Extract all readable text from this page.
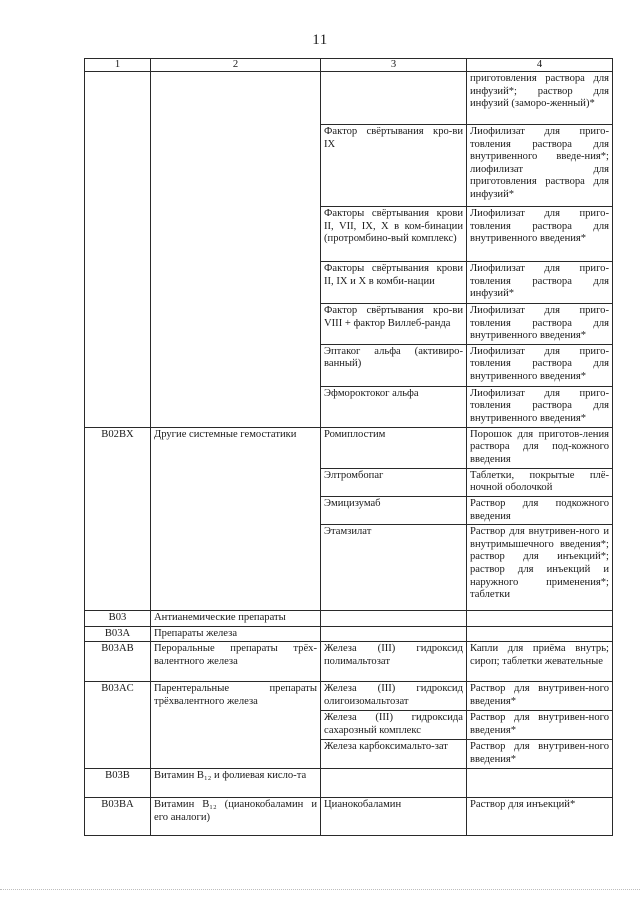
11
1	2	3	4
			приготовления раствора для инфузий*; раствор для инфузий (заморо-женный)*
		Фактор свёртывания кро-ви IX	Лиофилизат для приго-товления раствора для внутривенного введе-ния*; лиофилизат для приготовления раствора для инфузий*
		Факторы свёртывания крови II, VII, IX, X в ком-бинации (протромбино-вый комплекс)	Лиофилизат для приго-товления раствора для внутривенного введения*
		Факторы свёртывания крови II, IX и X в комби-нации	Лиофилизат для приго-товления раствора для инфузий*
		Фактор свёртывания кро-ви VIII + фактор Виллеб-ранда	Лиофилизат для приго-товления раствора для внутривенного введения*
		Эптаког альфа (активиро-ванный)	Лиофилизат для приго-товления раствора для внутривенного введения*
		Эфмороктоког альфа	Лиофилизат для приго-товления раствора для внутривенного введения*
B02BX	Другие системные гемостатики	Ромиплостим	Порошок для приготов-ления раствора для под-кожного введения
		Элтромбопаг	Таблетки, покрытые плё-ночной оболочкой
		Эмицизумаб	Раствор для подкожного введения
		Этамзилат	Раствор для внутривен-ного и внутримышечного введения*; раствор для инъекций*; раствор для инъекций и наружного применения*; таблетки
B03	Антианемические препараты		
B03A	Препараты железа		
B03AB	Пероральные препараты трёх-валентного железа	Железа (III) гидроксид полимальтозат	Капли для приёма внутрь; сироп; таблетки жевательные
B03AC	Парентеральные препараты трёхвалентного железа	Железа (III) гидроксид олигоизомальтозат	Раствор для внутривен-ного введения*
		Железа (III) гидроксида сахарозный комплекс	Раствор для внутривен-ного введения*
		Железа карбоксимальто-зат	Раствор для внутривен-ного введения*
B03B	Витамин B₁₂ и фолиевая кисло-та		
B03BA	Витамин B₁₂ (цианокобаламин и его аналоги)	Цианокобаламин	Раствор для инъекций*
